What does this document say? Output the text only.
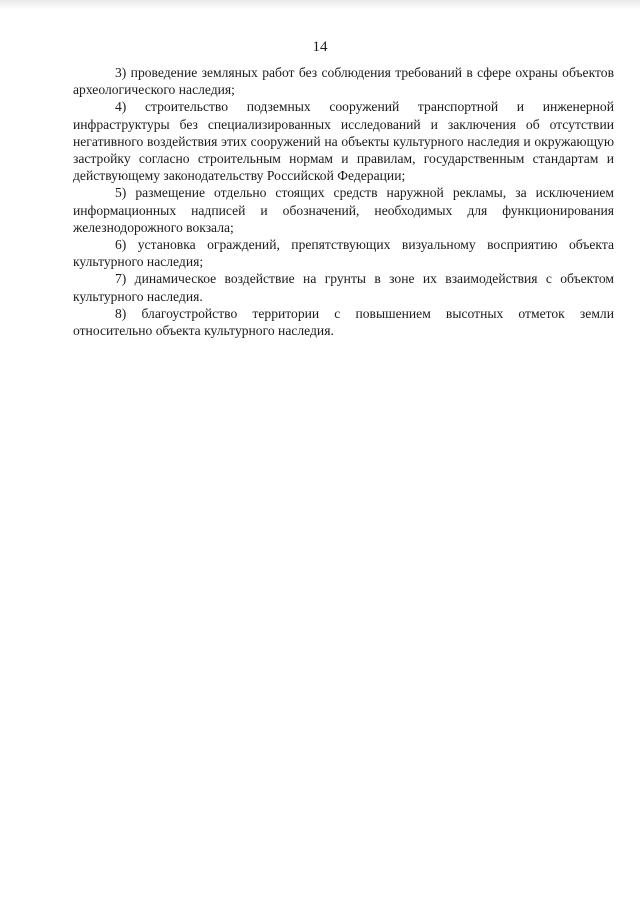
14

3) проведение земляных работ без соблюдения требований в сфере охраны объектов археологического наследия;

4) строительство подземных сооружений транспортной и инженерной инфраструктуры без специализированных исследований и заключения об отсутствии негативного воздействия этих сооружений на объекты культурного наследия и окружающую застройку согласно строительным нормам и правилам, государственным стандартам и действующему законодательству Российской Федерации;

5) размещение отдельно стоящих средств наружной рекламы, за исключением информационных надписей и обозначений, необходимых для функционирования железнодорожного вокзала;

6) установка ограждений, препятствующих визуальному восприятию объекта культурного наследия;

7) динамическое воздействие на грунты в зоне их взаимодействия с объектом культурного наследия.

8) благоустройство территории с повышением высотных отметок земли относительно объекта культурного наследия.
